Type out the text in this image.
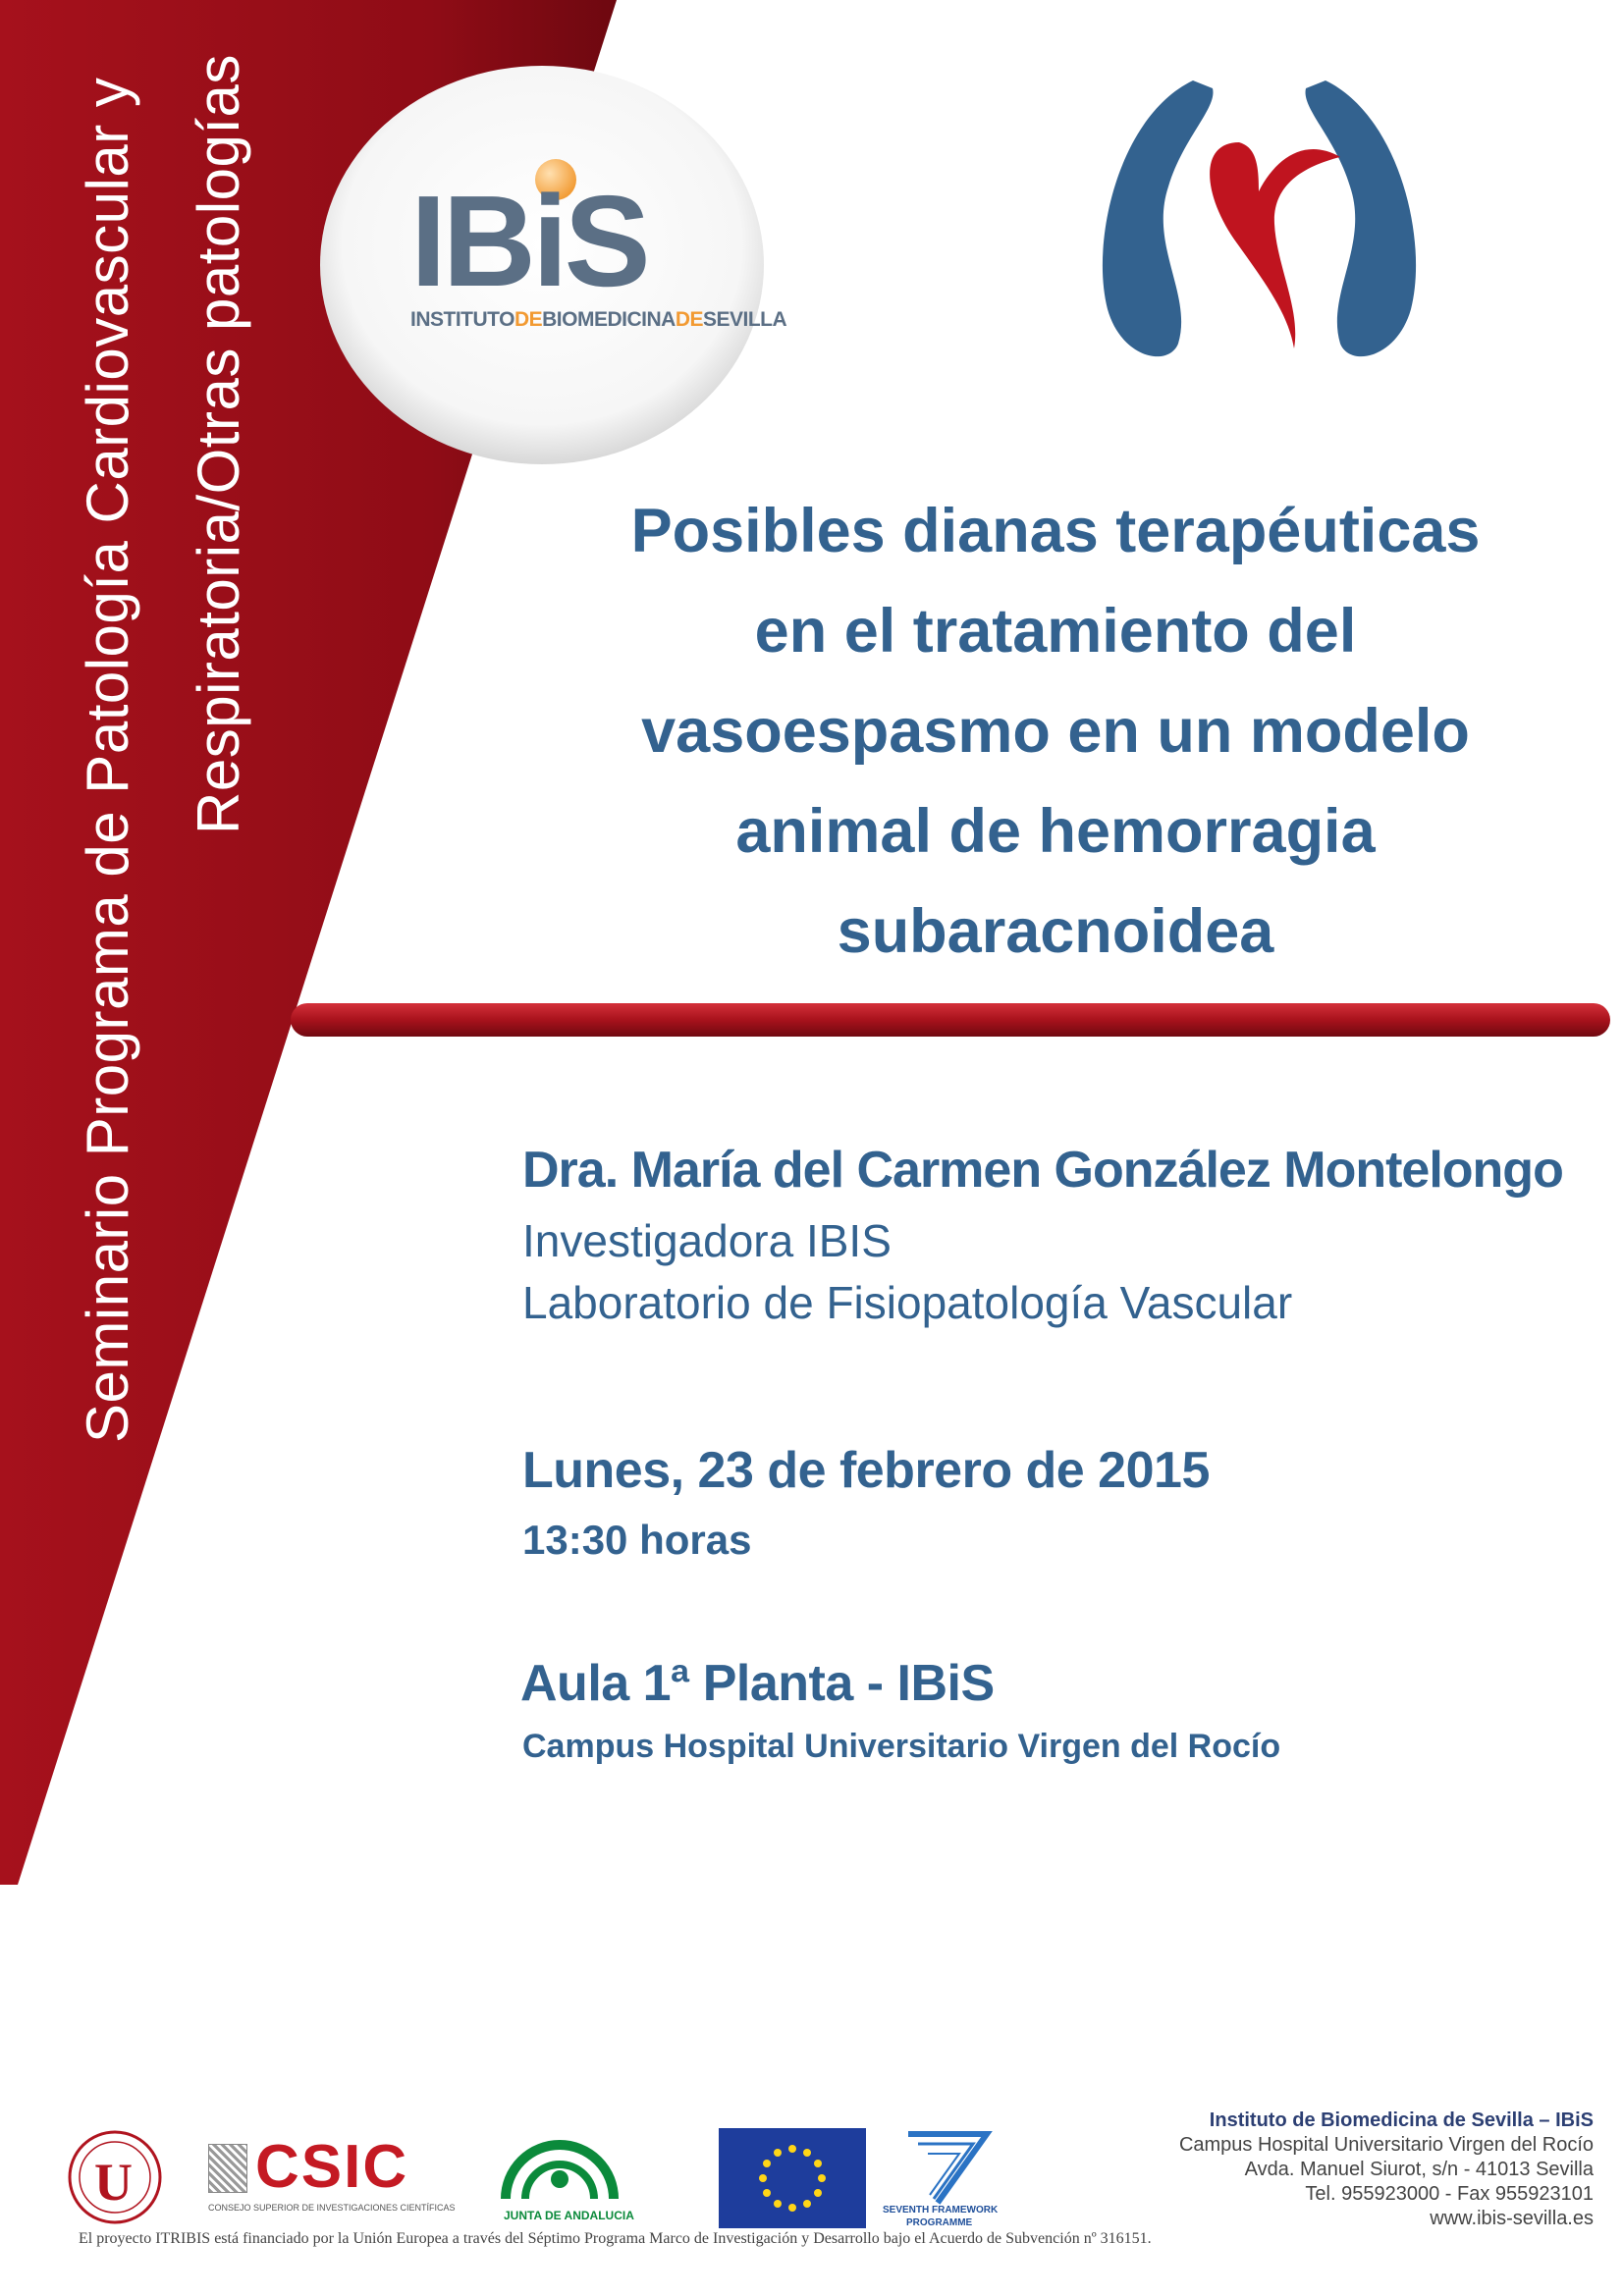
Seminario Programa de Patología Cardiovascular y Respiratoria/Otras patologías IBiS
INSTITUTODEBIOMEDICINADESEVILLA
Posibles dianas terapéuticas
en el tratamiento del
vasoespasmo en un modelo
animal de hemorragia
subaracnoidea
Dra. María del Carmen González Montelongo
Investigadora IBIS
Laboratorio de Fisiopatología Vascular
Lunes, 23 de febrero de 2015
13:30 horas
Aula 1ª Planta - IBiS
Campus Hospital Universitario Virgen del Rocío
U CSIC
CONSEJO SUPERIOR DE INVESTIGACIONES CIENTÍFICAS
JUNTA DE ANDALUCIA	SEVENTH FRAMEWORK
PROGRAMME
Instituto de Biomedicina de Sevilla – IBiS
Campus Hospital Universitario Virgen del Rocío
Avda. Manuel Siurot, s/n - 41013 Sevilla
Tel. 955923000 - Fax 955923101
www.ibis-sevilla.es
El proyecto ITRIBIS está financiado por la Unión Europea a través del Séptimo Programa Marco de Investigación y Desarrollo bajo el Acuerdo de Subvención nº 316151.
